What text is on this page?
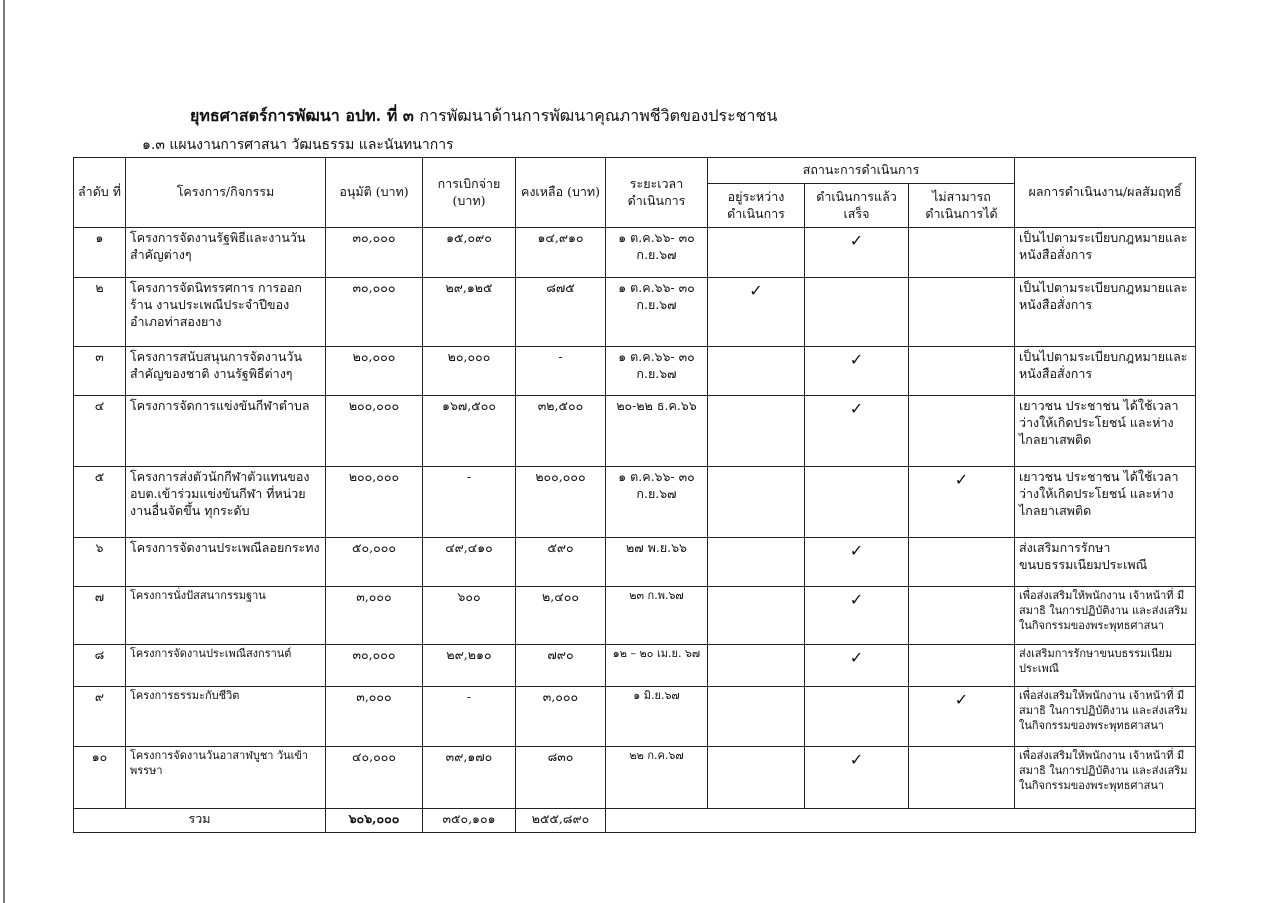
ยุทธศาสตร์การพัฒนา อปท. ที่ ๓ การพัฒนาด้านการพัฒนาคุณภาพชีวิตของประชาชน
๑.๓ แผนงานการศาสนา วัฒนธรรม และนันทนาการ
ลำดับ ที่	โครงการ/กิจกรรม	อนุมัติ (บาท)	การเบิกจ่าย (บาท)	คงเหลือ (บาท)	ระยะเวลา ดำเนินการ	สถานะการดำเนินการ			ผลการดำเนินงาน/ผลสัมฤทธิ์
						อยู่ระหว่าง ดำเนินการ	ดำเนินการแล้ว เสร็จ	ไม่สามารถ ดำเนินการได้	
๑	โครงการจัดงานรัฐพิธีและงานวันสำคัญต่างๆ	๓๐,๐๐๐	๑๕,๐๙๐	๑๔,๙๑๐	๑ ต.ค.๖๖- ๓๐ ก.ย.๖๗		✓		เป็นไปตามระเบียบกฎหมายและหนังสือสั่งการ
๒	โครงการจัดนิทรรศการ การออกร้าน งานประเพณีประจำปีของอำเภอท่าสองยาง	๓๐,๐๐๐	๒๙,๑๒๕	๘๗๕	๑ ต.ค.๖๖- ๓๐ ก.ย.๖๗	✓			เป็นไปตามระเบียบกฎหมายและหนังสือสั่งการ
๓	โครงการสนับสนุนการจัดงานวันสำคัญของชาติ งานรัฐพิธีต่างๆ	๒๐,๐๐๐	๒๐,๐๐๐	-	๑ ต.ค.๖๖- ๓๐ ก.ย.๖๗		✓		เป็นไปตามระเบียบกฎหมายและหนังสือสั่งการ
๔	โครงการจัดการแข่งขันกีฬาตำบล	๒๐๐,๐๐๐	๑๖๗,๕๐๐	๓๒,๕๐๐	๒๐-๒๒ ธ.ค.๖๖		✓		เยาวชน ประชาชน ได้ใช้เวลาว่างให้เกิดประโยชน์ และห่างไกลยาเสพติด
๕	โครงการส่งตัวนักกีฬาตัวแทนของ อบต.เข้าร่วมแข่งขันกีฬา ที่หน่วยงานอื่นจัดขึ้น ทุกระดับ	๒๐๐,๐๐๐	-	๒๐๐,๐๐๐	๑ ต.ค.๖๖- ๓๐ ก.ย.๖๗			✓	เยาวชน ประชาชน ได้ใช้เวลาว่างให้เกิดประโยชน์ และห่างไกลยาเสพติด
๖	โครงการจัดงานประเพณีลอยกระทง	๕๐,๐๐๐	๔๙,๔๑๐	๕๙๐	๒๗ พ.ย.๖๖		✓		ส่งเสริมการรักษาขนบธรรมเนียมประเพณี
๗	โครงการนั่งปัสสนากรรมฐาน	๓,๐๐๐	๖๐๐	๒,๔๐๐	๒๓ ก.พ.๖๗		✓		เพื่อส่งเสริมให้พนักงาน เจ้าหน้าที่ มีสมาธิ ในการปฏิบัติงาน และส่งเสริมในกิจกรรมของพระพุทธศาสนา
๘	โครงการจัดงานประเพณีสงกรานต์	๓๐,๐๐๐	๒๙,๒๑๐	๗๙๐	๑๒ – ๒๐ เม.ย. ๖๗		✓		ส่งเสริมการรักษาขนบธรรมเนียมประเพณี
๙	โครงการธรรมะกับชีวิต	๓,๐๐๐	-	๓,๐๐๐	๑ มิ.ย.๖๗			✓	เพื่อส่งเสริมให้พนักงาน เจ้าหน้าที่ มีสมาธิ ในการปฏิบัติงาน และส่งเสริมในกิจกรรมของพระพุทธศาสนา
๑๐	โครงการจัดงานวันอาสาฬบูชา วันเข้าพรรษา	๔๐,๐๐๐	๓๙,๑๗๐	๘๓๐	๒๒ ก.ค.๖๗		✓		เพื่อส่งเสริมให้พนักงาน เจ้าหน้าที่ มีสมาธิ ในการปฏิบัติงาน และส่งเสริมในกิจกรรมของพระพุทธศาสนา
รวม		๖๐๖,๐๐๐	๓๕๐,๑๐๑	๒๕๕,๘๙๐					
